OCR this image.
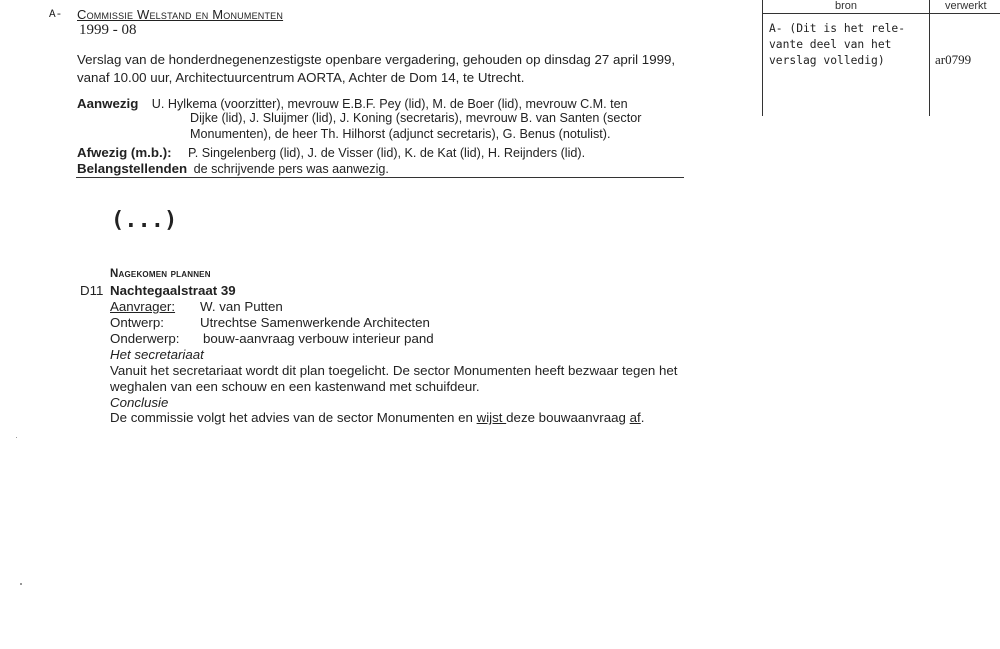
A- Commissie Welstand en Monumenten
1999 - 08
Verslag van de honderdnegenenzestigste openbare vergadering, gehouden op dinsdag 27 april 1999, vanaf 10.00 uur, Architectuurcentrum AORTA, Achter de Dom 14, te Utrecht.
Aanwezig U. Hylkema (voorzitter), mevrouw E.B.F. Pey (lid), M. de Boer (lid), mevrouw C.M. ten
Dijke (lid), J. Sluijmer (lid), J. Koning (secretaris), mevrouw B. van Santen (sector
Monumenten), de heer Th. Hilhorst (adjunct secretaris), G. Benus (notulist).
Afwezig (m.b.): P. Singelenberg (lid), J. de Visser (lid), K. de Kat (lid), H. Reijnders (lid).
Belangstellenden de schrijvende pers was aanwezig.
(...)
Nagekomen plannen
D11 Nachtegaalstraat 39
Aanvrager: W. van Putten
Ontwerp:	Utrechtse Samenwerkende Architecten
Onderwerp: bouw-aanvraag verbouw interieur pand
Het secretariaat
Vanuit het secretariaat wordt dit plan toegelicht. De sector Monumenten heeft bezwaar tegen het weghalen van een schouw en een kastenwand met schuifdeur.
Conclusie
De commissie volgt het advies van de sector Monumenten en wijst deze bouwaanvraag af.
bron	verwerkt
A- (Dit is het rele-
vante deel van het
verslag volledig)	ar0799
